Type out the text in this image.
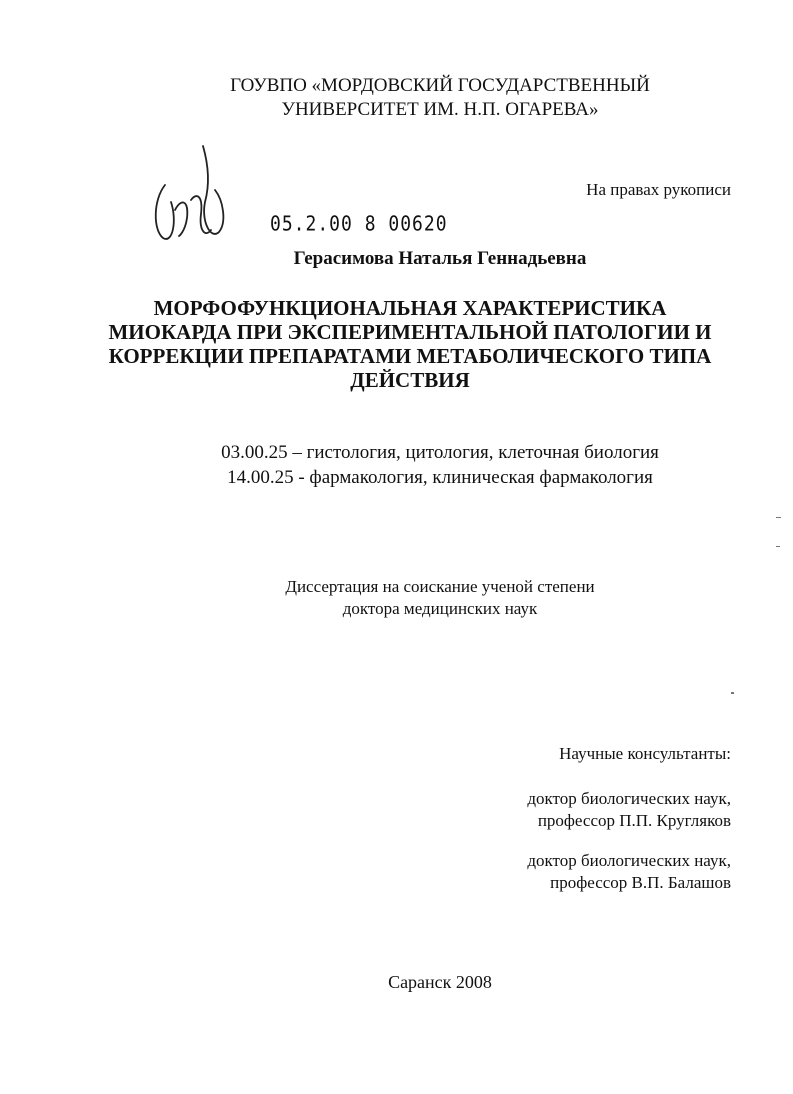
ГОУВПО «МОРДОВСКИЙ ГОСУДАРСТВЕННЫЙ
УНИВЕРСИТЕТ ИМ. Н.П. ОГАРЕВА»
На правах рукописи
05.2.00 8 00620
Герасимова Наталья Геннадьевна
МОРФОФУНКЦИОНАЛЬНАЯ ХАРАКТЕРИСТИКА
МИОКАРДА ПРИ ЭКСПЕРИМЕНТАЛЬНОЙ ПАТОЛОГИИ И
КОРРЕКЦИИ ПРЕПАРАТАМИ МЕТАБОЛИЧЕСКОГО ТИПА
ДЕЙСТВИЯ
03.00.25 – гистология, цитология, клеточная биология
14.00.25 - фармакология, клиническая фармакология
Диссертация на соискание ученой степени
доктора медицинских наук
Научные консультанты:
доктор биологических наук,
профессор П.П. Кругляков
доктор биологических наук,
профессор В.П. Балашов
Саранск 2008
